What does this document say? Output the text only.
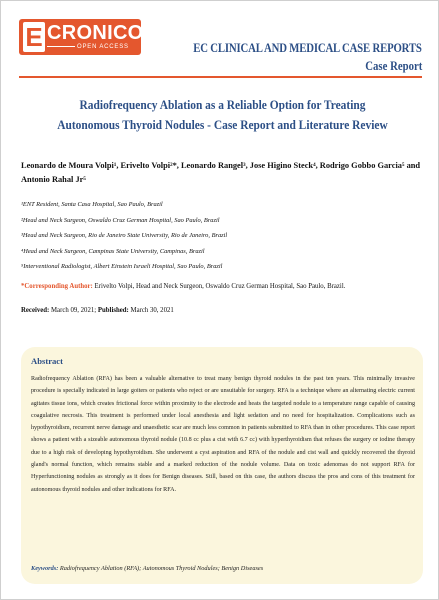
E CRONICON
OPEN ACCESS	EC CLINICAL AND MEDICAL CASE REPORTS
Case Report
Radiofrequency Ablation as a Reliable Option for Treating Autonomous Thyroid Nodules - Case Report and Literature Review
Leonardo de Moura Volpi¹, Erivelto Volpi²*, Leonardo Rangel³, Jose Higino Steck⁴, Rodrigo Gobbo Garcia⁵ and Antonio Rahal Jr⁵
¹ENT Resident, Santa Casa Hospital, Sao Paulo, Brazil
²Head and Neck Surgeon, Oswaldo Cruz German Hospital, Sao Paulo, Brazil
³Head and Neck Surgeon, Rio de Janeiro State University, Rio de Janeiro, Brazil
⁴Head and Neck Surgeon, Campinas State University, Campinas, Brazil
⁵Interventional Radiologist, Albert Einstein Israeli Hospital, Sao Paulo, Brazil
*Corresponding Author: Erivelto Volpi, Head and Neck Surgeon, Oswaldo Cruz German Hospital, Sao Paulo, Brazil.
Received: March 09, 2021; Published: March 30, 2021
Abstract

Radiofrequency Ablation (RFA) has been a valuable alternative to treat many benign thyroid nodules in the past ten years. This minimally invasive procedure is specially indicated in large goiters or patients who reject or are unsuitable for surgery. RFA is a technique where an alternating electric current agitates tissue ions, which creates frictional force within proximity to the electrode and heats the targeted nodule to a temperature range capable of causing coagulative necrosis. This treatment is performed under local anesthesia and light sedation and no need for hospitalization. Complications such as hypothyroidism, recurrent nerve damage and unaesthetic scar are much less common in patients submitted to RFA than in other procedures. This case report shows a patient with a sizeable autonomous thyroid nodule (10.8 cc plus a cist with 6.7 cc) with hyperthyroidism that refuses the surgery or iodine therapy due to a high risk of developing hypothyroidism. She underwent a cyst aspiration and RFA of the nodule and cist wall and quickly recovered the thyroid gland's normal function, which remains stable and a marked reduction of the nodule volume. Data on toxic adenomas do not support RFA for Hyperfunctioning nodules as strongly as it does for Benign diseases. Still, based on this case, the authors discuss the pros and cons of this treatment for autonomous thyroid nodules and other indications for RFA.

Keywords: Radiofrequency Ablation (RFA); Autonomous Thyroid Nodules; Benign Diseases
